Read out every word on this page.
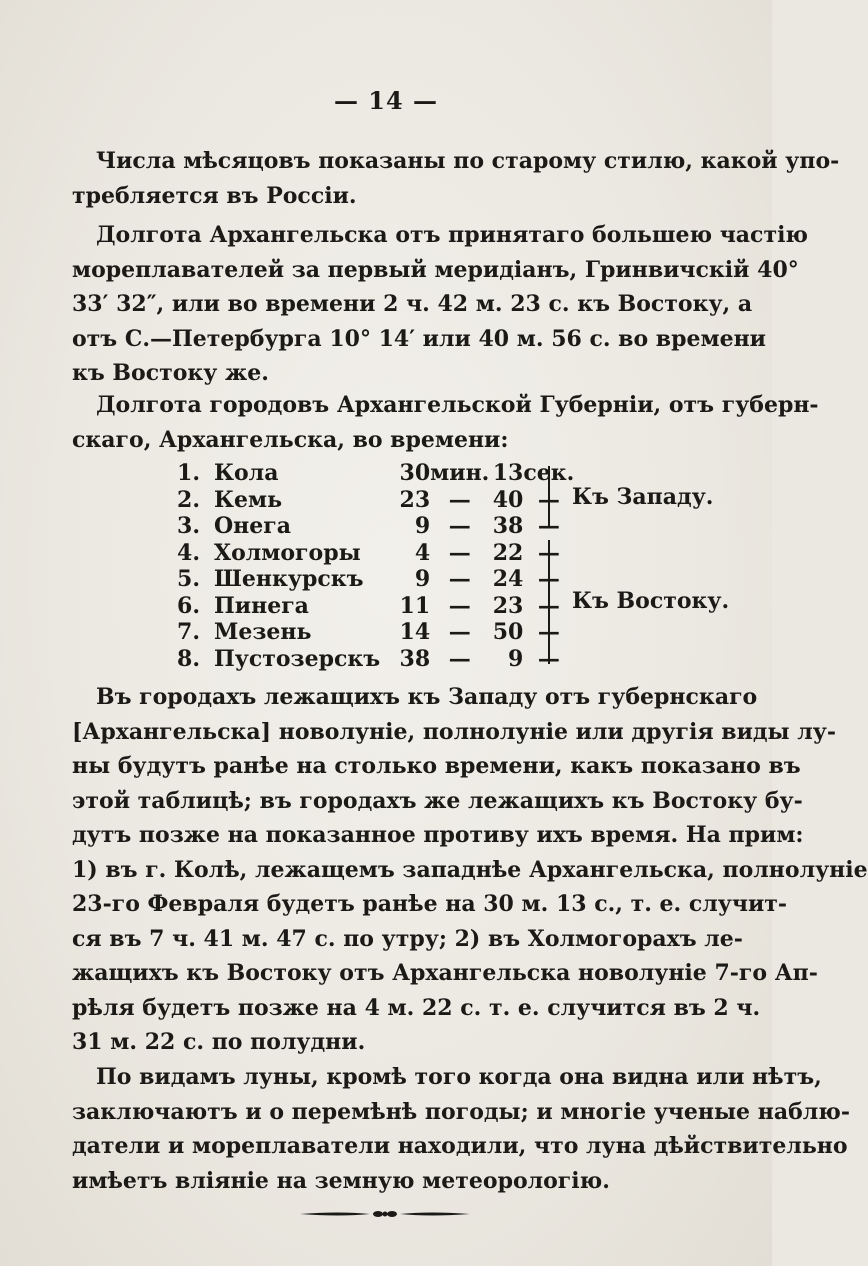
— 14 —
Числа мѣсяцовъ показаны по старому стилю, какой упо-
требляется въ Россіи.
Долгота Архангельска отъ принятаго большею частію
мореплавателей за первый меридіанъ, Гринвичскій 40°
33′ 32″, или во времени 2 ч. 42 м. 23 с. къ Востоку, а
отъ С.—Петербурга 10° 14′ или 40 м. 56 с. во времени
къ Востоку же.
Долгота городовъ Архангельской Губерніи, отъ губерн-
скаго, Архангельска, во времени:
1.	Кола	30	мин.	13	сек.
2.	Кемь	23	—	40	—
3.	Онега	9	—	38	—
4.	Холмогоры	4	—	22	—
5.	Шенкурскъ	9	—	24	—
6.	Пинега	11	—	23	—
7.	Мезень	14	—	50	—
8.	Пустозерскъ	38	—	9	—
Къ Западу.
Къ Востоку.
Въ городахъ лежащихъ къ Западу отъ губернскаго
[Архангельска] новолуніе, полнолуніе или другія виды лу-
ны будутъ ранѣе на столько времени, какъ показано въ
этой таблицѣ; въ городахъ же лежащихъ къ Востоку бу-
дутъ позже на показанное противу ихъ время. На прим:
1) въ г. Колѣ, лежащемъ западнѣе Архангельска, полнолуніе
23-го Февраля будетъ ранѣе на 30 м. 13 с., т. е. случит-
ся въ 7 ч. 41 м. 47 с. по утру; 2) въ Холмогорахъ ле-
жащихъ къ Востоку отъ Архангельска новолуніе 7-го Ап-
рѣля будетъ позже на 4 м. 22 с. т. е. случится въ 2 ч.
31 м. 22 с. по полудни.
По видамъ луны, кромѣ того когда она видна или нѣтъ,
заключаютъ и о перемѣнѣ погоды; и многіе ученые наблю-
датели и мореплаватели находили, что луна дѣйствительно
имѣетъ вліяніе на земную метеорологію.
